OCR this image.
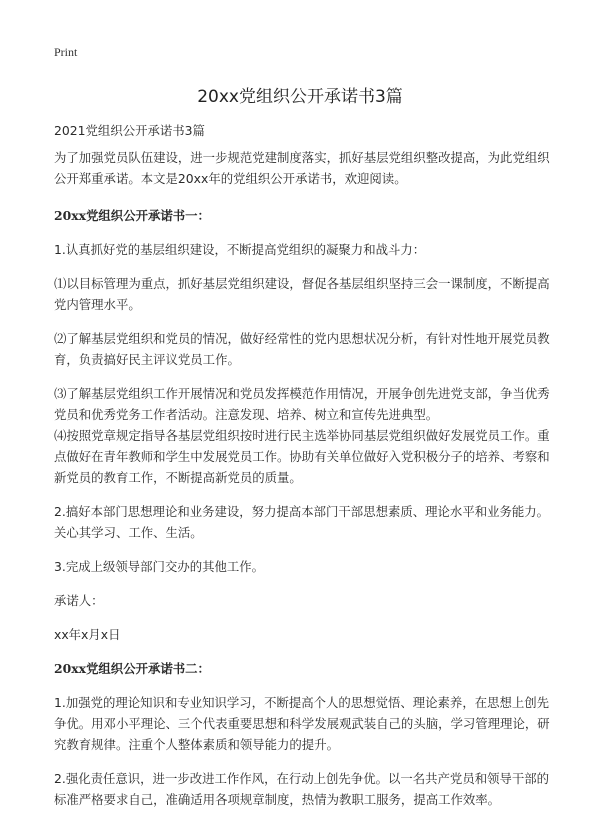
Print
20xx党组织公开承诺书3篇

2021党组织公开承诺书3篇

为了加强党员队伍建设，进一步规范党建制度落实，抓好基层党组织整改提高，为此党组织公开郑重承诺。本文是20xx年的党组织公开承诺书，欢迎阅读。

20xx党组织公开承诺书一：

1.认真抓好党的基层组织建设，不断提高党组织的凝聚力和战斗力：

⑴以目标管理为重点，抓好基层党组织建设，督促各基层组织坚持三会一课制度，不断提高党内管理水平。

⑵了解基层党组织和党员的情况，做好经常性的党内思想状况分析，有针对性地开展党员教育，负责搞好民主评议党员工作。

⑶了解基层党组织工作开展情况和党员发挥模范作用情况，开展争创先进党支部，争当优秀党员和优秀党务工作者活动。注意发现、培养、树立和宣传先进典型。

⑷按照党章规定指导各基层党组织按时进行民主选举协同基层党组织做好发展党员工作。重点做好在青年教师和学生中发展党员工作。协助有关单位做好入党积极分子的培养、考察和新党员的教育工作，不断提高新党员的质量。

2.搞好本部门思想理论和业务建设，努力提高本部门干部思想素质、理论水平和业务能力。关心其学习、工作、生活。

3.完成上级领导部门交办的其他工作。

承诺人：

xx年x月x日

20xx党组织公开承诺书二：

1.加强党的理论知识和专业知识学习，不断提高个人的思想觉悟、理论素养，在思想上创先争优。用邓小平理论、三个代表重要思想和科学发展观武装自己的头脑，学习管理理论，研究教育规律。注重个人整体素质和领导能力的提升。

2.强化责任意识，进一步改进工作作风，在行动上创先争优。以一名共产党员和领导干部的标准严格要求自己，准确适用各项规章制度，热情为教职工服务，提高工作效率。
